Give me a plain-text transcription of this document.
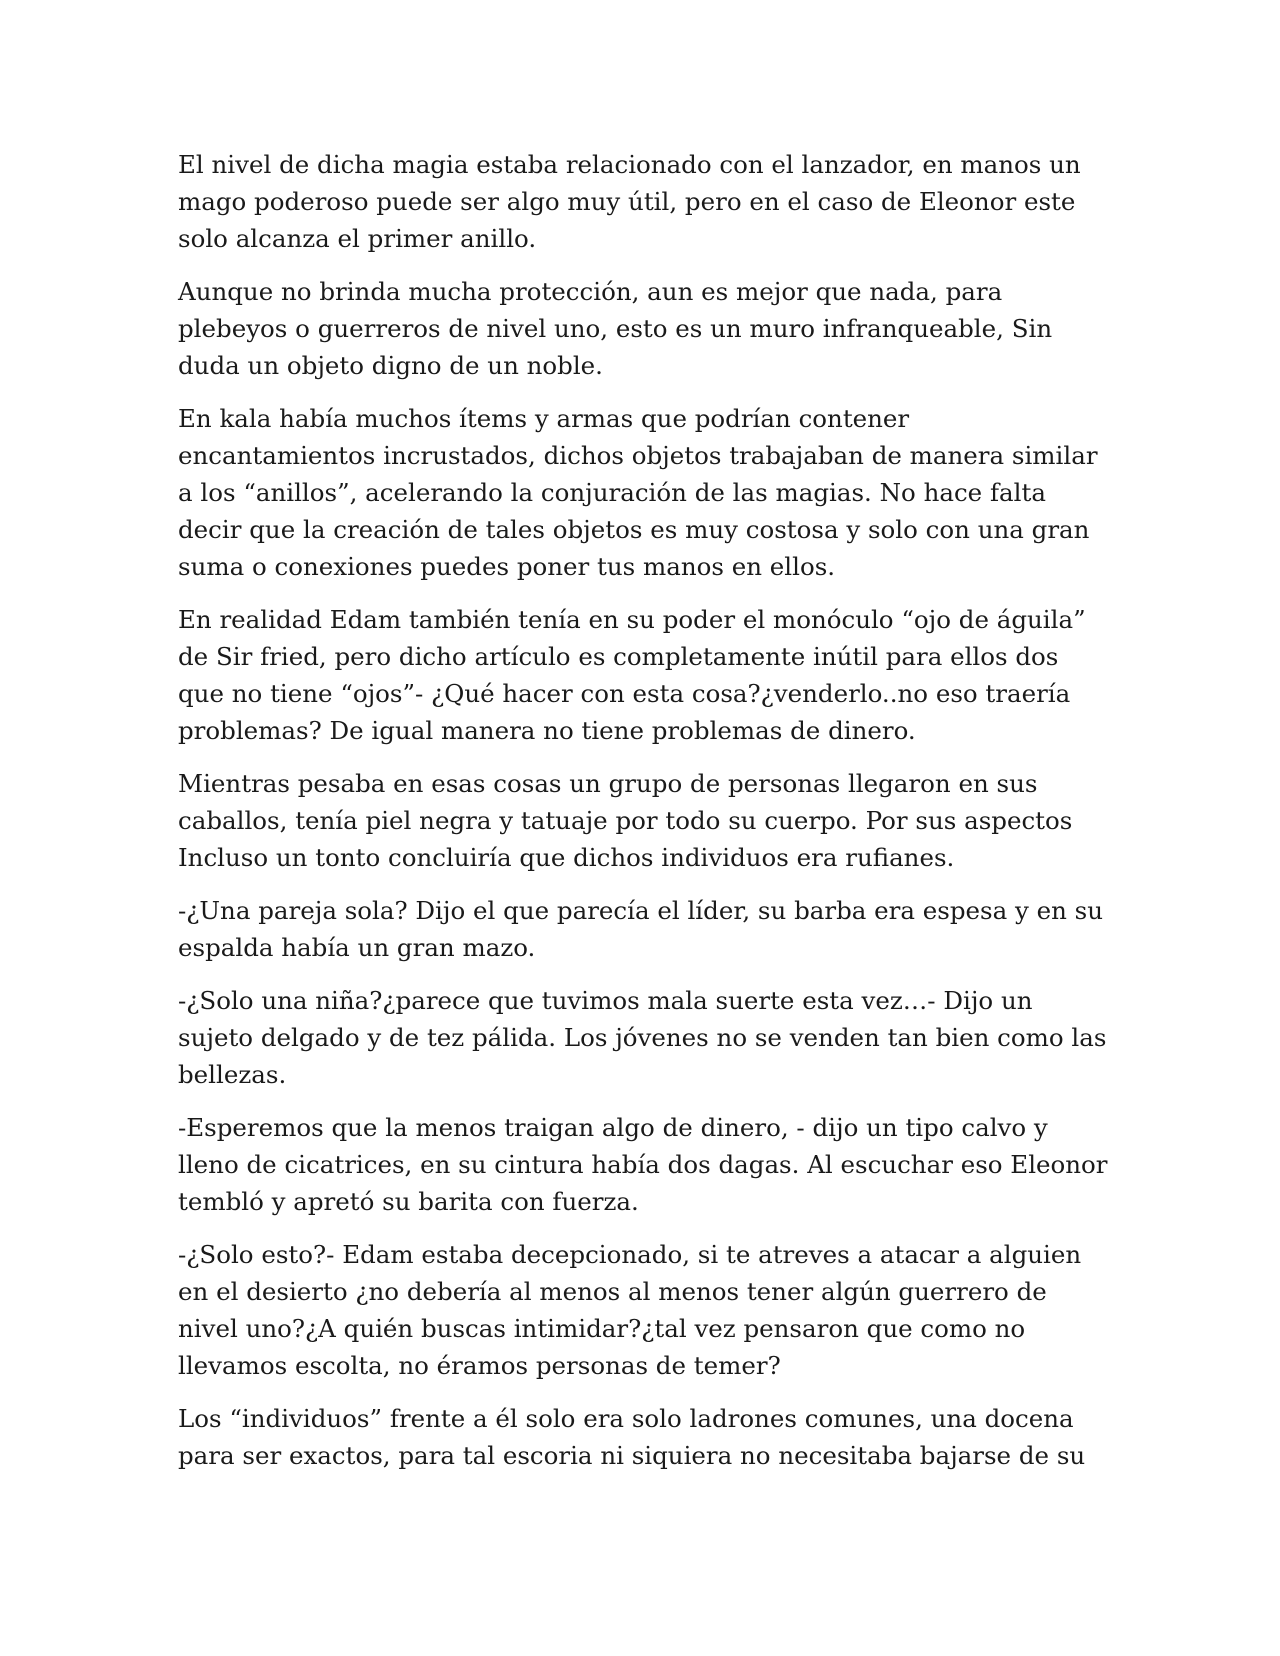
El nivel de dicha magia estaba relacionado con el lanzador, en manos un mago poderoso puede ser algo muy útil, pero en el caso de Eleonor este solo alcanza el primer anillo.

Aunque no brinda mucha protección, aun es mejor que nada, para plebeyos o guerreros de nivel uno, esto es un muro infranqueable, Sin duda un objeto digno de un noble.

En kala había muchos ítems y armas que podrían contener encantamientos incrustados, dichos objetos trabajaban de manera similar a los “anillos”, acelerando la conjuración de las magias. No hace falta decir que la creación de tales objetos es muy costosa y solo con una gran suma o conexiones puedes poner tus manos en ellos.

En realidad Edam también tenía en su poder el monóculo “ojo de águila” de Sir fried, pero dicho artículo es completamente inútil para ellos dos que no tiene “ojos”- ¿Qué hacer con esta cosa?¿venderlo..no eso traería problemas? De igual manera no tiene problemas de dinero.

Mientras pesaba en esas cosas un grupo de personas llegaron en sus caballos, tenía piel negra y tatuaje por todo su cuerpo. Por sus aspectos Incluso un tonto concluiría que dichos individuos era rufianes.

-¿Una pareja sola? Dijo el que parecía el líder, su barba era espesa y en su espalda había un gran mazo.

-¿Solo una niña?¿parece que tuvimos mala suerte esta vez…- Dijo un sujeto delgado y de tez pálida. Los jóvenes no se venden tan bien como las bellezas.

-Esperemos que la menos traigan algo de dinero, - dijo un tipo calvo y lleno de cicatrices, en su cintura había dos dagas. Al escuchar eso Eleonor tembló y apretó su barita con fuerza.

-¿Solo esto?- Edam estaba decepcionado, si te atreves a atacar a alguien en el desierto ¿no debería al menos al menos tener algún guerrero de nivel uno?¿A quién buscas intimidar?¿tal vez pensaron que como no llevamos escolta, no éramos personas de temer?

Los “individuos” frente a él solo era solo ladrones comunes, una docena para ser exactos, para tal escoria ni siquiera no necesitaba bajarse de su
